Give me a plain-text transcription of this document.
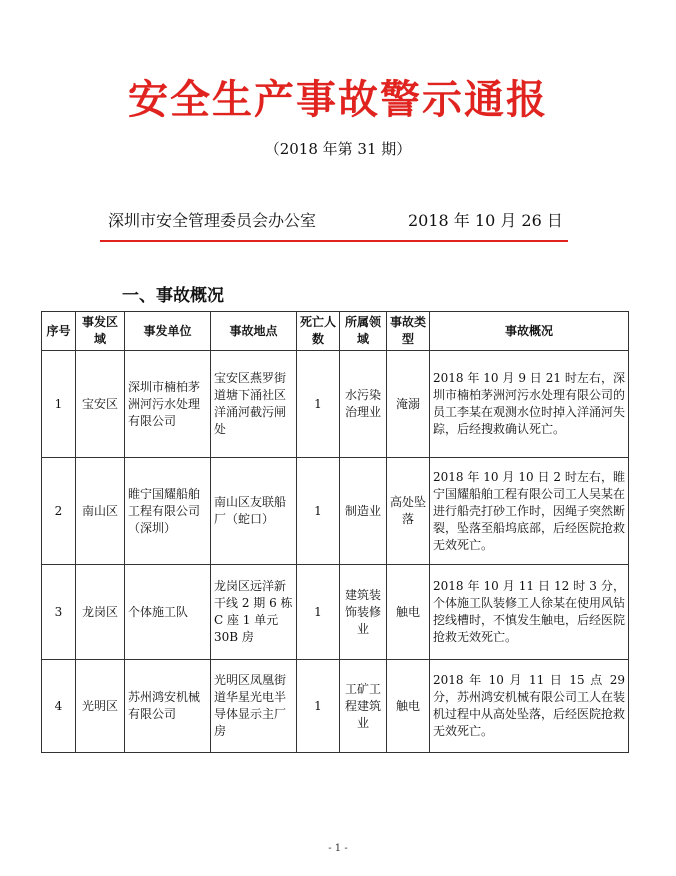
安全生产事故警示通报
（2018 年第 31 期）
深圳市安全管理委员会办公室	2018 年 10 月 26 日
一、事故概况
序号	事发区域	事发单位	事故地点	死亡人数	所属领域	事故类型	事故概况
1	宝安区	深圳市楠柏茅洲河污水处理有限公司	宝安区燕罗街道塘下涌社区洋涌河截污闸处	1	水污染治理业	淹溺	2018 年 10 月 9 日 21 时左右，深圳市楠柏茅洲河污水处理有限公司的员工李某在观测水位时掉入洋涌河失踪，后经搜救确认死亡。
2	南山区	睢宁国耀船舶工程有限公司（深圳）	南山区友联船厂（蛇口）	1	制造业	高处坠落	2018 年 10 月 10 日 2 时左右，睢宁国耀船舶工程有限公司工人吴某在进行船壳打砂工作时，因绳子突然断裂，坠落至船坞底部，后经医院抢救无效死亡。
3	龙岗区	个体施工队	龙岗区远洋新干线 2 期 6 栋 C 座 1 单元 30B 房	1	建筑装饰装修业	触电	2018 年 10 月 11 日 12 时 3 分，个体施工队装修工人徐某在使用风钻挖线槽时，不慎发生触电，后经医院抢救无效死亡。
4	光明区	苏州鸿安机械有限公司	光明区凤凰街道华星光电半导体显示主厂房	1	工矿工程建筑业	触电	2018 年 10 月 11 日 15 点 29 分，苏州鸿安机械有限公司工人在装机过程中从高处坠落，后经医院抢救无效死亡。
- 1 -
